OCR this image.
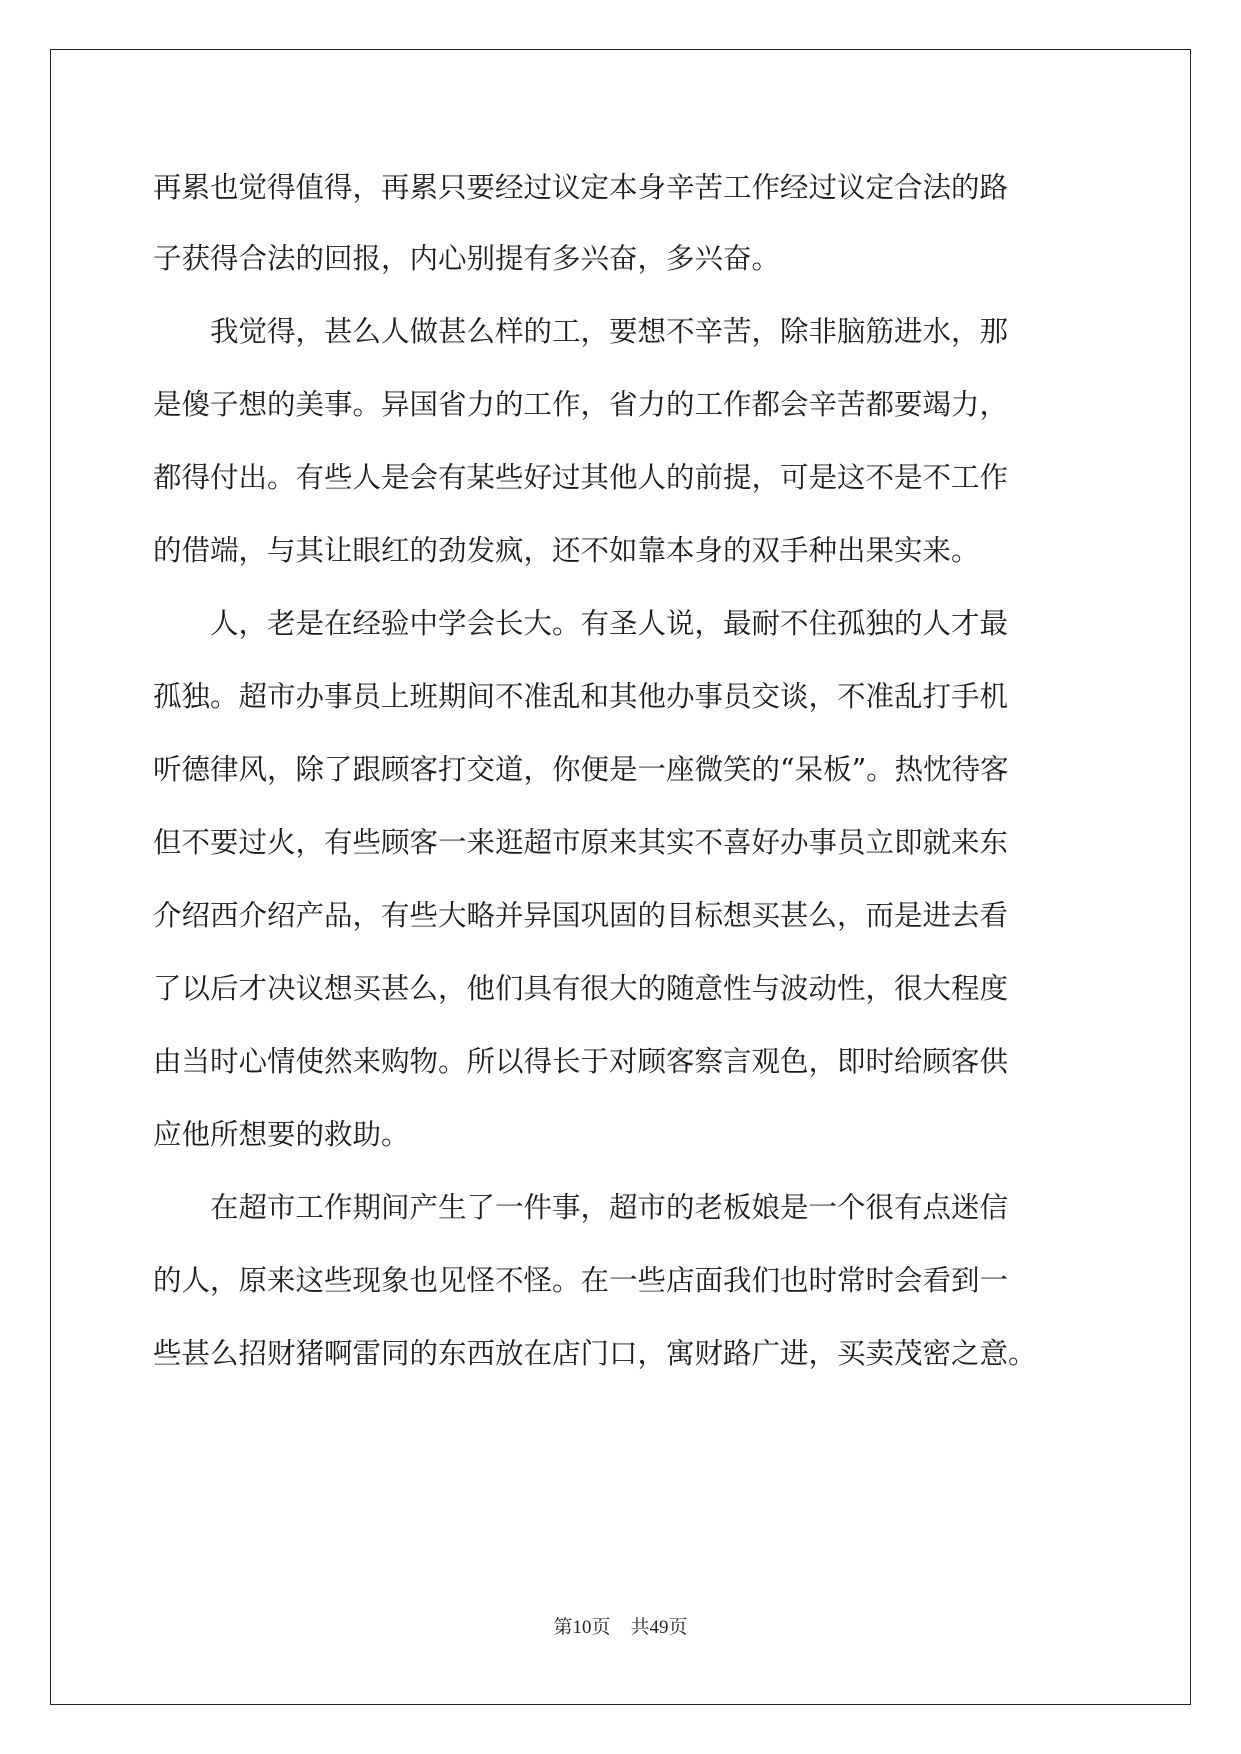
再累也觉得值得，再累只要经过议定本身辛苦工作经过议定合法的路
子获得合法的回报，内心别提有多兴奋，多兴奋。
我觉得，甚么人做甚么样的工，要想不辛苦，除非脑筋进水，那
是傻子想的美事。异国省力的工作，省力的工作都会辛苦都要竭力，
都得付出。有些人是会有某些好过其他人的前提，可是这不是不工作
的借端，与其让眼红的劲发疯，还不如靠本身的双手种出果实来。
人，老是在经验中学会长大。有圣人说，最耐不住孤独的人才最
孤独。超市办事员上班期间不准乱和其他办事员交谈，不准乱打手机
听德律风，除了跟顾客打交道，你便是一座微笑的“呆板”。热忱待客
但不要过火，有些顾客一来逛超市原来其实不喜好办事员立即就来东
介绍西介绍产品，有些大略并异国巩固的目标想买甚么，而是进去看
了以后才决议想买甚么，他们具有很大的随意性与波动性，很大程度
由当时心情使然来购物。所以得长于对顾客察言观色，即时给顾客供
应他所想要的救助。
在超市工作期间产生了一件事，超市的老板娘是一个很有点迷信
的人，原来这些现象也见怪不怪。在一些店面我们也时常时会看到一
些甚么招财猪啊雷同的东西放在店门口，寓财路广进，买卖茂密之意。
第10页 共49页
